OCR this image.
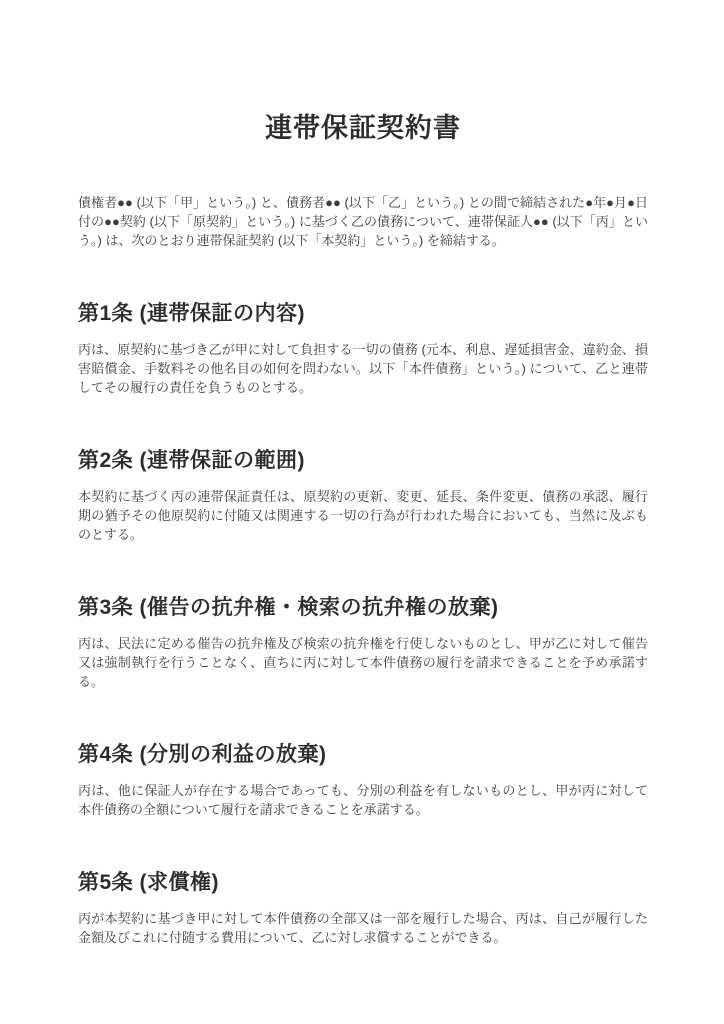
連帯保証契約書

債権者●● (以下「甲」という。) と、債務者●● (以下「乙」という。) との間で締結された●年●月●日付の●●契約 (以下「原契約」という。) に基づく乙の債務について、連帯保証人●● (以下「丙」という。) は、次のとおり連帯保証契約 (以下「本契約」という。) を締結する。

第1条 (連帯保証の内容)

丙は、原契約に基づき乙が甲に対して負担する一切の債務 (元本、利息、遅延損害金、違約金、損害賠償金、手数料その他名目の如何を問わない。以下「本件債務」という。) について、乙と連帯してその履行の責任を負うものとする。

第2条 (連帯保証の範囲)

本契約に基づく丙の連帯保証責任は、原契約の更新、変更、延長、条件変更、債務の承認、履行期の猶予その他原契約に付随又は関連する一切の行為が行われた場合においても、当然に及ぶものとする。

第3条 (催告の抗弁権・検索の抗弁権の放棄)

丙は、民法に定める催告の抗弁権及び検索の抗弁権を行使しないものとし、甲が乙に対して催告又は強制執行を行うことなく、直ちに丙に対して本件債務の履行を請求できることを予め承諾する。

第4条 (分別の利益の放棄)

丙は、他に保証人が存在する場合であっても、分別の利益を有しないものとし、甲が丙に対して本件債務の全額について履行を請求できることを承諾する。

第5条 (求償権)

丙が本契約に基づき甲に対して本件債務の全部又は一部を履行した場合、丙は、自己が履行した金額及びこれに付随する費用について、乙に対し求償することができる。
